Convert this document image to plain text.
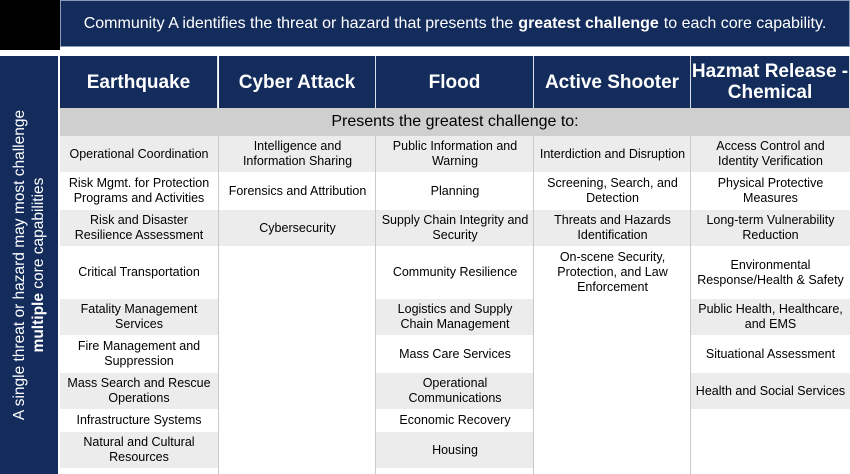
Community A identifies the threat or hazard that presents the greatest challenge to each core capability.
A single threat or hazard may most challenge multiple core capabilities
Presents the greatest challenge to:
Earthquake
Operational Coordination
Risk Mgmt. for Protection Programs and Activities
Risk and Disaster Resilience Assessment
Critical Transportation
Fatality Management Services
Fire Management and Suppression
Mass Search and Rescue Operations
Infrastructure Systems
Natural and Cultural Resources
Cyber Attack
Intelligence and Information Sharing
Forensics and Attribution
Cybersecurity
Flood
Public Information and Warning
Planning
Supply Chain Integrity and Security
Community Resilience
Logistics and Supply Chain Management
Mass Care Services
Operational Communications
Economic Recovery
Housing
Active Shooter
Interdiction and Disruption
Screening, Search, and Detection
Threats and Hazards Identification
On-scene Security, Protection, and Law Enforcement
Hazmat Release - Chemical
Access Control and Identity Verification
Physical Protective Measures
Long-term Vulnerability Reduction
Environmental Response/Health & Safety
Public Health, Healthcare, and EMS
Situational Assessment
Health and Social Services
